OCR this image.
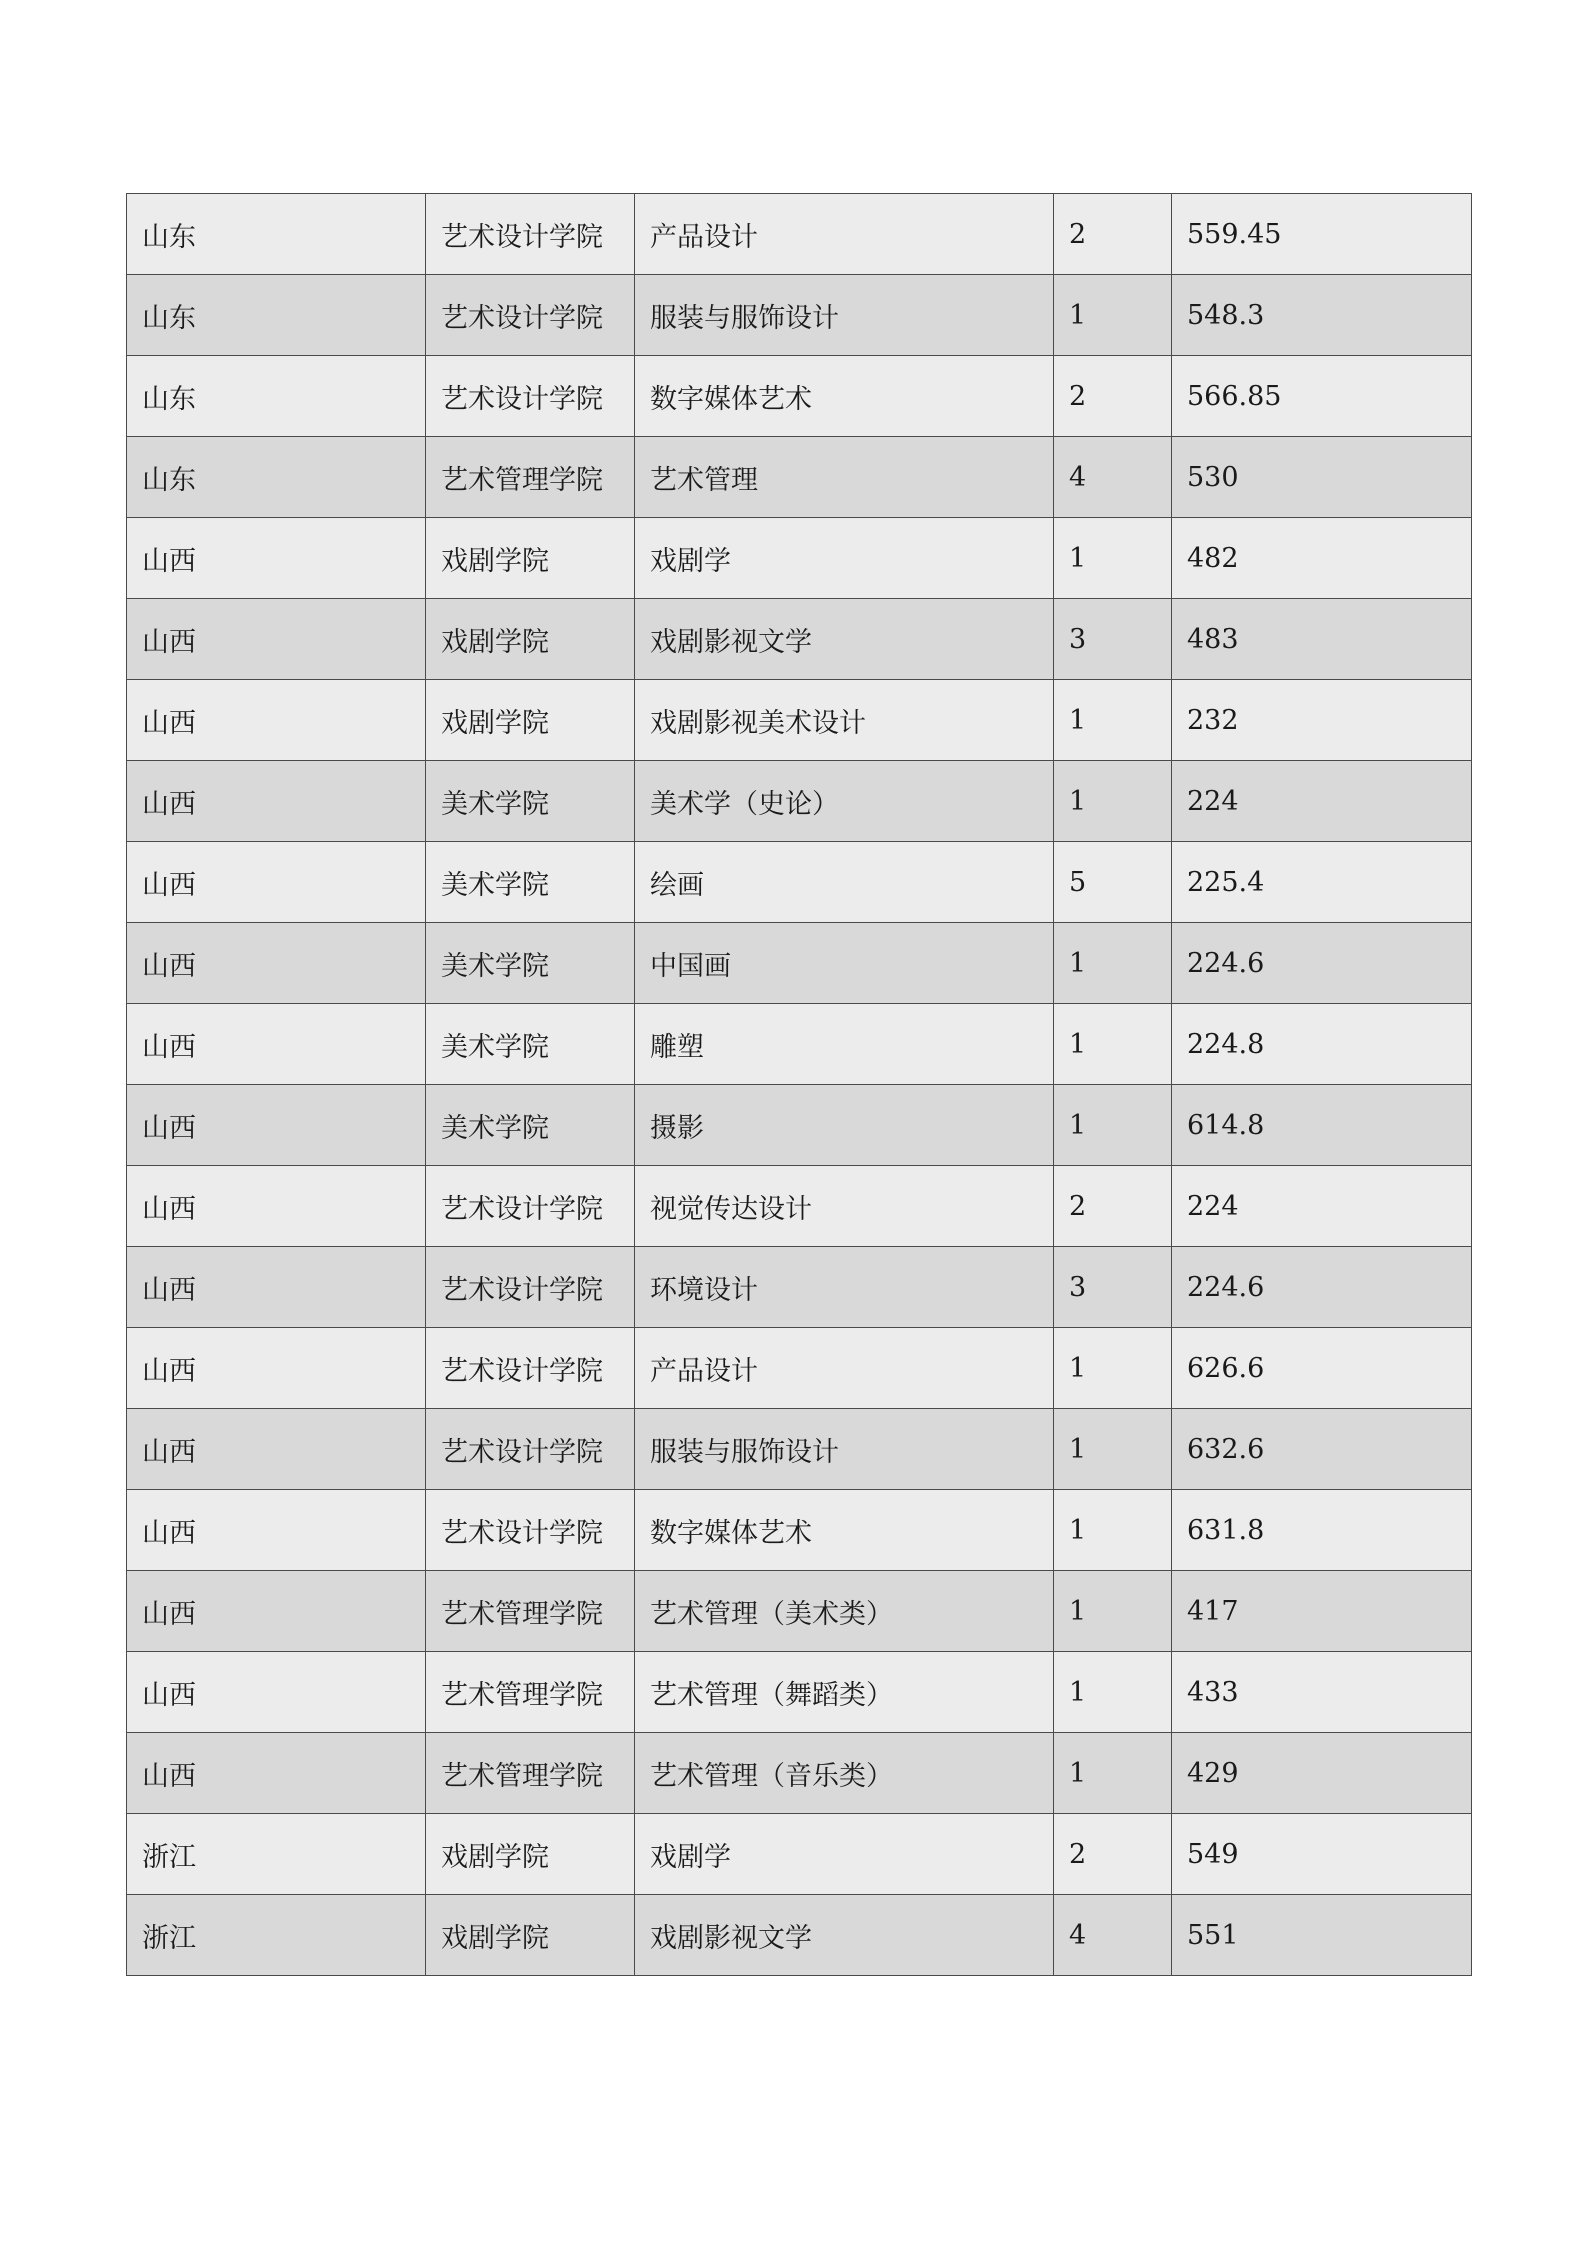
山东	艺术设计学院	产品设计	2	559.45
山东	艺术设计学院	服装与服饰设计	1	548.3
山东	艺术设计学院	数字媒体艺术	2	566.85
山东	艺术管理学院	艺术管理	4	530
山西	戏剧学院	戏剧学	1	482
山西	戏剧学院	戏剧影视文学	3	483
山西	戏剧学院	戏剧影视美术设计	1	232
山西	美术学院	美术学（史论）	1	224
山西	美术学院	绘画	5	225.4
山西	美术学院	中国画	1	224.6
山西	美术学院	雕塑	1	224.8
山西	美术学院	摄影	1	614.8
山西	艺术设计学院	视觉传达设计	2	224
山西	艺术设计学院	环境设计	3	224.6
山西	艺术设计学院	产品设计	1	626.6
山西	艺术设计学院	服装与服饰设计	1	632.6
山西	艺术设计学院	数字媒体艺术	1	631.8
山西	艺术管理学院	艺术管理（美术类）	1	417
山西	艺术管理学院	艺术管理（舞蹈类）	1	433
山西	艺术管理学院	艺术管理（音乐类）	1	429
浙江	戏剧学院	戏剧学	2	549
浙江	戏剧学院	戏剧影视文学	4	551
